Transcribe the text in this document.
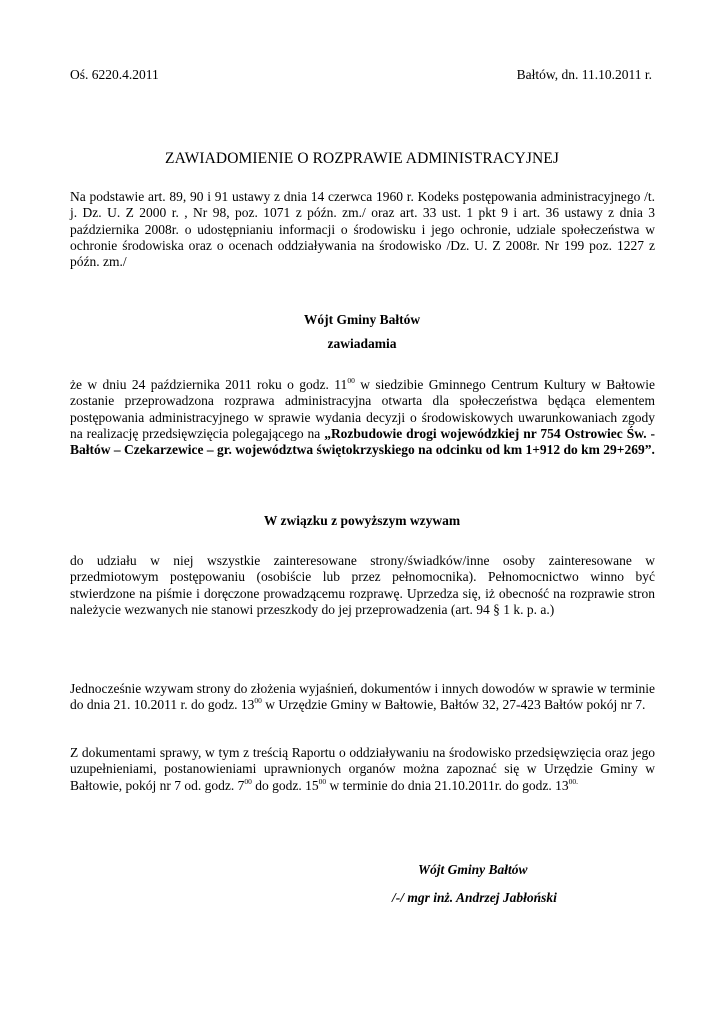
Oś. 6220.4.2011	Bałtów, dn. 11.10.2011 r.
ZAWIADOMIENIE O ROZPRAWIE ADMINISTRACYJNEJ
Na podstawie art. 89, 90 i 91 ustawy z dnia 14 czerwca 1960 r. Kodeks postępowania administracyjnego /t. j. Dz. U. Z 2000 r. , Nr 98, poz. 1071 z późn. zm./ oraz art. 33 ust. 1 pkt 9 i art. 36 ustawy z dnia 3 października 2008r. o udostępnianiu informacji o środowisku i jego ochronie, udziale społeczeństwa w ochronie środowiska oraz o ocenach oddziaływania na środowisko /Dz. U. Z 2008r. Nr 199 poz. 1227 z późn. zm./
Wójt Gminy Bałtów
zawiadamia
że w dniu 24 października 2011 roku o godz. $11^{00}$ w siedzibie Gminnego Centrum Kultury w Bałtowie zostanie przeprowadzona rozprawa administracyjna otwarta dla społeczeństwa będąca elementem postępowania administracyjnego w sprawie wydania decyzji o środowiskowych uwarunkowaniach zgody na realizację przedsięwzięcia polegającego na „Rozbudowie drogi wojewódzkiej nr 754 Ostrowiec Św. - Bałtów – Czekarzewice – gr. województwa świętokrzyskiego na odcinku od km 1+912 do km 29+269”.
W związku z powyższym wzywam
do udziału w niej wszystkie zainteresowane strony/świadków/inne osoby zainteresowane w przedmiotowym postępowaniu (osobiście lub przez pełnomocnika). Pełnomocnictwo winno być stwierdzone na piśmie i doręczone prowadzącemu rozprawę. Uprzedza się, iż obecność na rozprawie stron należycie wezwanych nie stanowi przeszkody do jej przeprowadzenia (art. 94 § 1 k. p. a.)
Jednocześnie wzywam strony do złożenia wyjaśnień, dokumentów i innych dowodów w sprawie w terminie do dnia 21. 10.2011 r. do godz. $13^{00}$ w Urzędzie Gminy w Bałtowie, Bałtów 32, 27-423 Bałtów pokój nr 7.
Z dokumentami sprawy, w tym z treścią Raportu o oddziaływaniu na środowisko przedsięwzięcia oraz jego uzupełnieniami, postanowieniami uprawnionych organów można zapoznać się w Urzędzie Gminy w Bałtowie, pokój nr 7 od. godz. $7^{00}$ do godz. $15^{00}$ w terminie do dnia 21.10.2011r. do godz. $13^{00.}$
Wójt Gminy Bałtów
/-/ mgr inż. Andrzej Jabłoński
